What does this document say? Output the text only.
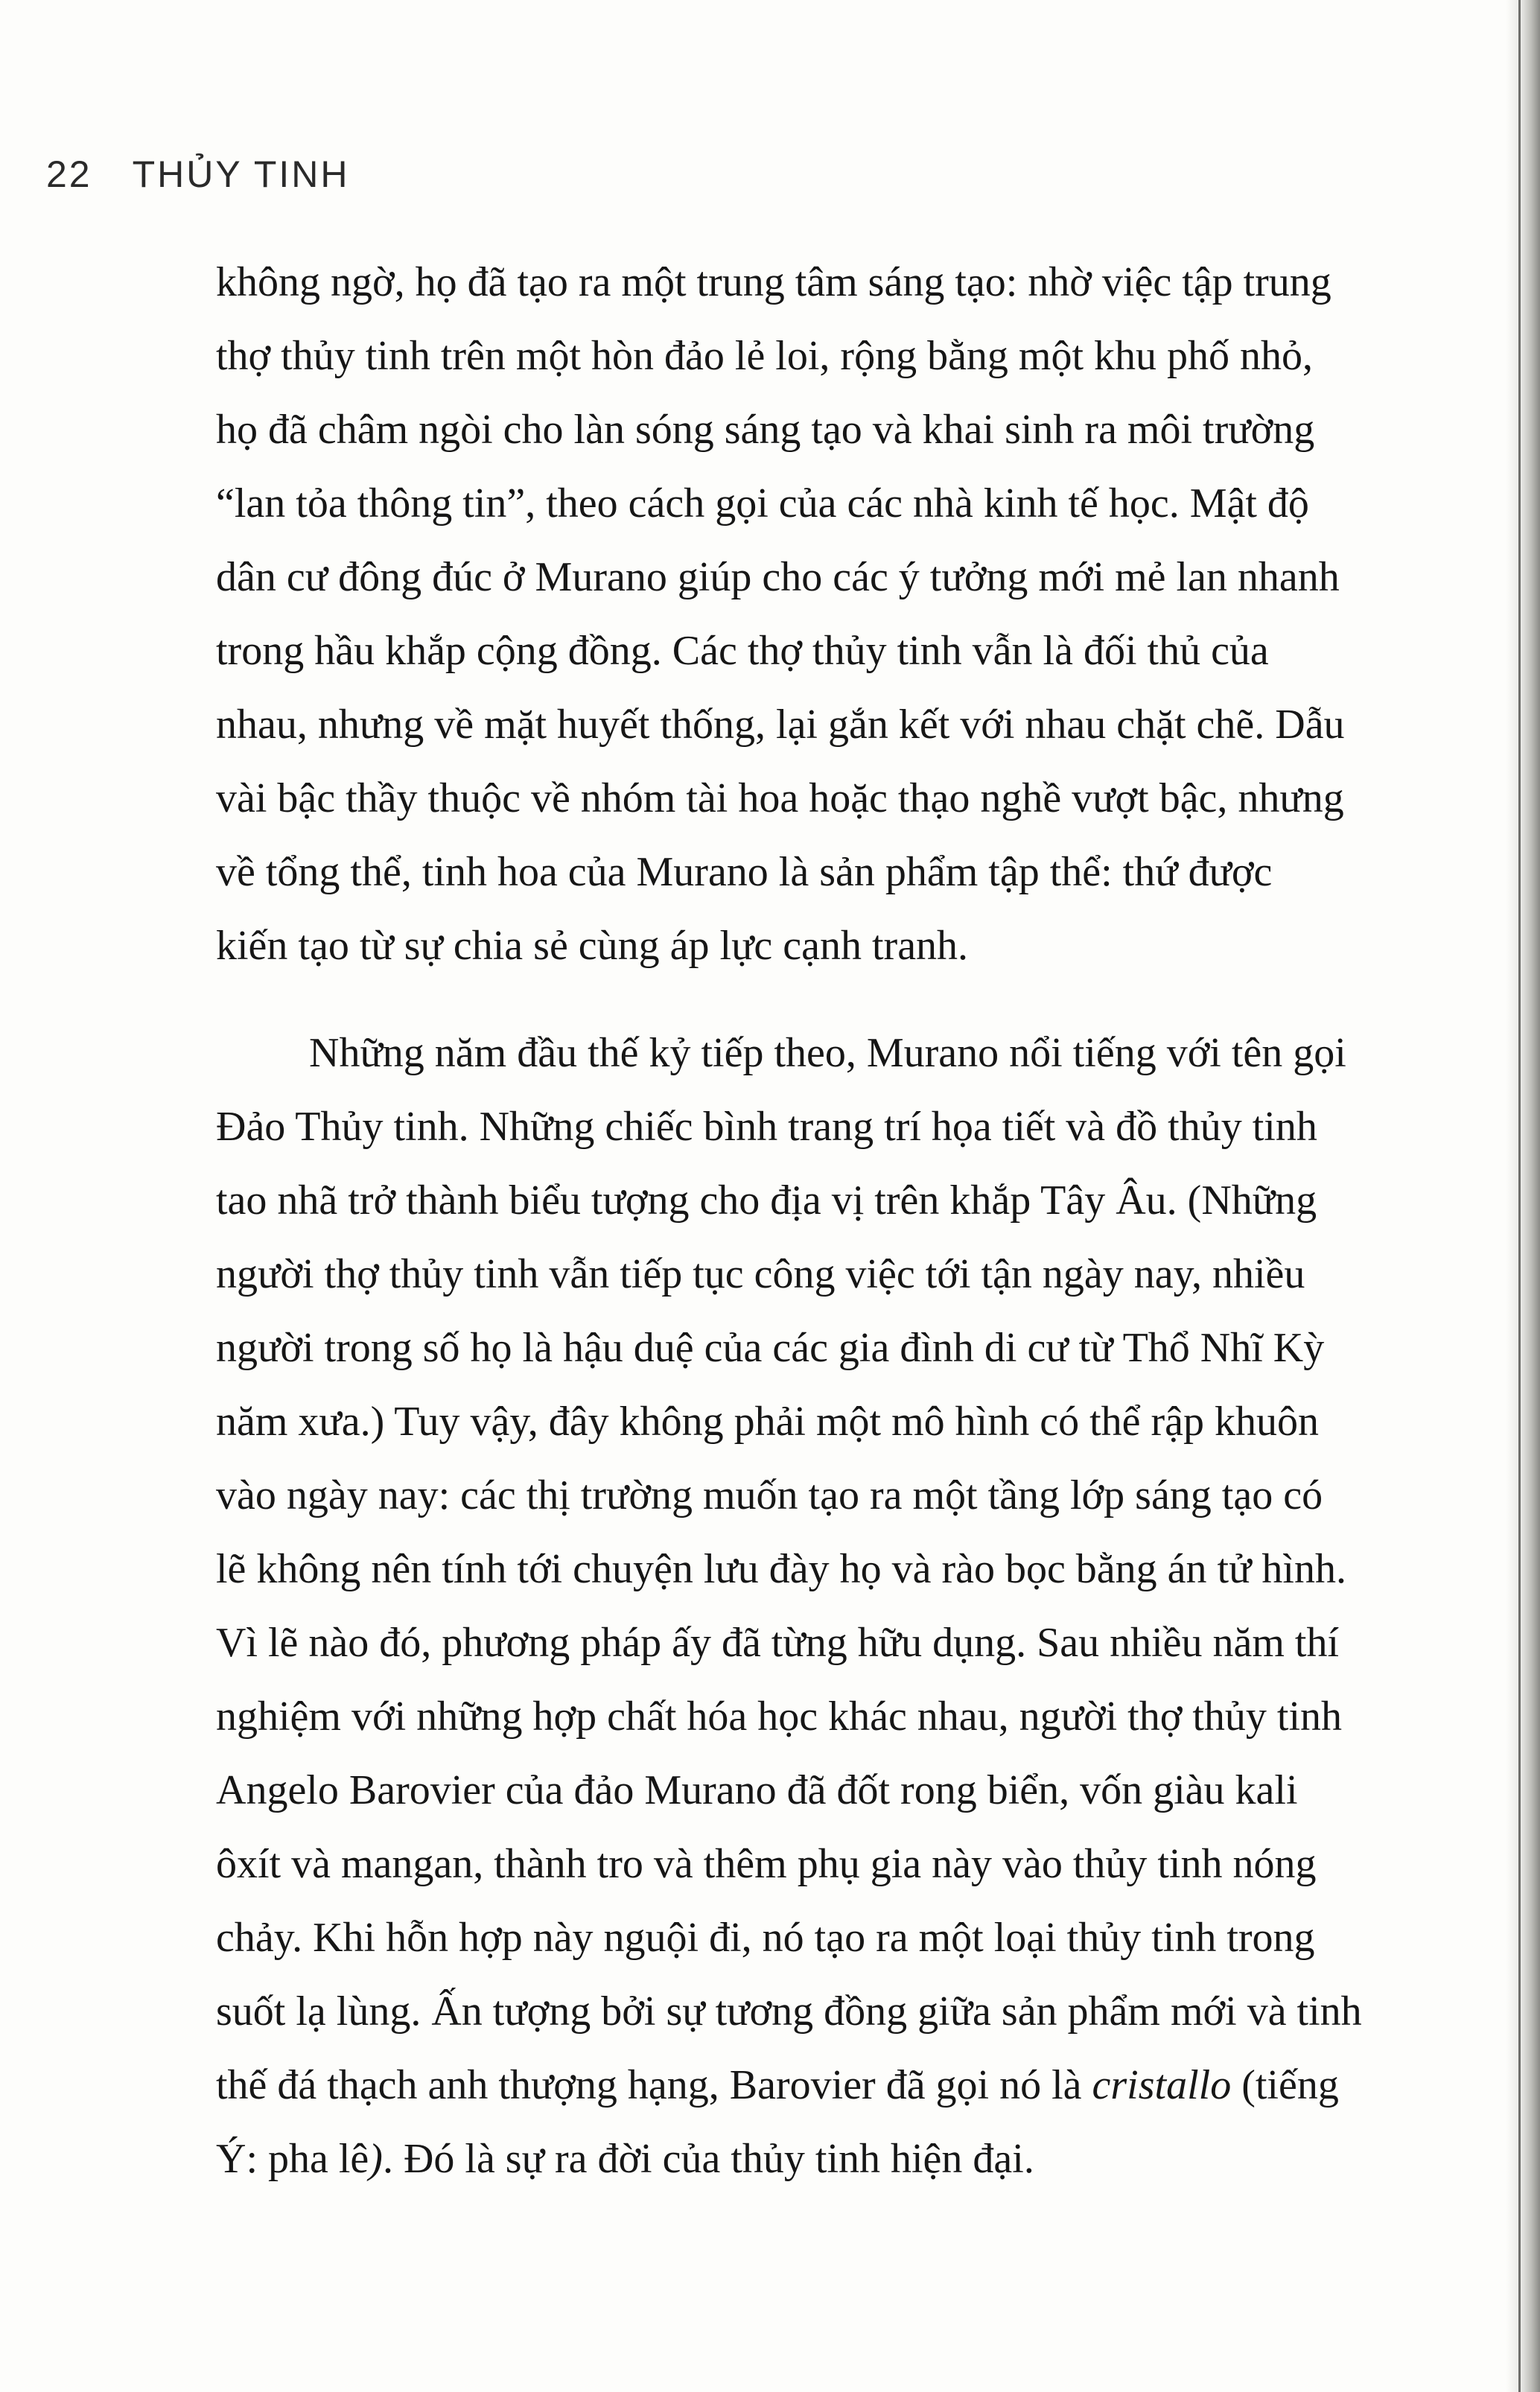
22 THỦY TINH
không ngờ, họ đã tạo ra một trung tâm sáng tạo: nhờ việc tập trung
thợ thủy tinh trên một hòn đảo lẻ loi, rộng bằng một khu phố nhỏ,
họ đã châm ngòi cho làn sóng sáng tạo và khai sinh ra môi trường
“lan tỏa thông tin”, theo cách gọi của các nhà kinh tế học. Mật độ
dân cư đông đúc ở Murano giúp cho các ý tưởng mới mẻ lan nhanh
trong hầu khắp cộng đồng. Các thợ thủy tinh vẫn là đối thủ của
nhau, nhưng về mặt huyết thống, lại gắn kết với nhau chặt chẽ. Dẫu
vài bậc thầy thuộc về nhóm tài hoa hoặc thạo nghề vượt bậc, nhưng
về tổng thể, tinh hoa của Murano là sản phẩm tập thể: thứ được
kiến tạo từ sự chia sẻ cùng áp lực cạnh tranh.
Những năm đầu thế kỷ tiếp theo, Murano nổi tiếng với tên gọi
Đảo Thủy tinh. Những chiếc bình trang trí họa tiết và đồ thủy tinh
tao nhã trở thành biểu tượng cho địa vị trên khắp Tây Âu. (Những
người thợ thủy tinh vẫn tiếp tục công việc tới tận ngày nay, nhiều
người trong số họ là hậu duệ của các gia đình di cư từ Thổ Nhĩ Kỳ
năm xưa.) Tuy vậy, đây không phải một mô hình có thể rập khuôn
vào ngày nay: các thị trường muốn tạo ra một tầng lớp sáng tạo có
lẽ không nên tính tới chuyện lưu đày họ và rào bọc bằng án tử hình.
Vì lẽ nào đó, phương pháp ấy đã từng hữu dụng. Sau nhiều năm thí
nghiệm với những hợp chất hóa học khác nhau, người thợ thủy tinh
Angelo Barovier của đảo Murano đã đốt rong biển, vốn giàu kali
ôxít và mangan, thành tro và thêm phụ gia này vào thủy tinh nóng
chảy. Khi hỗn hợp này nguội đi, nó tạo ra một loại thủy tinh trong
suốt lạ lùng. Ấn tượng bởi sự tương đồng giữa sản phẩm mới và tinh
thế đá thạch anh thượng hạng, Barovier đã gọi nó là cristallo (tiếng
Ý: pha lê). Đó là sự ra đời của thủy tinh hiện đại.
